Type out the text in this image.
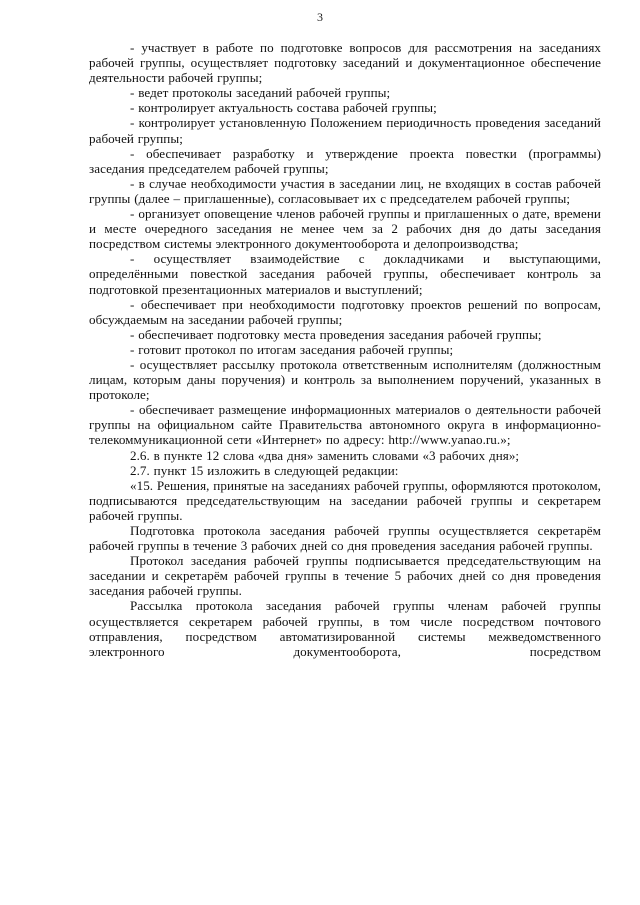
3

- участвует в работе по подготовке вопросов для рассмотрения на заседаниях рабочей группы, осуществляет подготовку заседаний и документационное обеспечение деятельности рабочей группы;

- ведет протоколы заседаний рабочей группы;

- контролирует актуальность состава рабочей группы;

- контролирует установленную Положением периодичность проведения заседаний рабочей группы;

- обеспечивает разработку и утверждение проекта повестки (программы) заседания председателем рабочей группы;

- в случае необходимости участия в заседании лиц, не входящих в состав рабочей группы (далее – приглашенные), согласовывает их с председателем рабочей группы;

- организует оповещение членов рабочей группы и приглашенных о дате, времени и месте очередного заседания не менее чем за 2 рабочих дня до даты заседания посредством системы электронного документооборота и делопроизводства;

- осуществляет взаимодействие с докладчиками и выступающими, определёнными повесткой заседания рабочей группы, обеспечивает контроль за подготовкой презентационных материалов и выступлений;

- обеспечивает при необходимости подготовку проектов решений по вопросам, обсуждаемым на заседании рабочей группы;

- обеспечивает подготовку места проведения заседания рабочей группы;

- готовит протокол по итогам заседания рабочей группы;

- осуществляет рассылку протокола ответственным исполнителям (должностным лицам, которым даны поручения) и контроль за выполнением поручений, указанных в протоколе;

- обеспечивает размещение информационных материалов о деятельности рабочей группы на официальном сайте Правительства автономного округа в информационно-телекоммуникационной сети «Интернет» по адресу: http://www.yanao.ru.»;

2.6. в пункте 12 слова «два дня» заменить словами «3 рабочих дня»;

2.7. пункт 15 изложить в следующей редакции:

«15. Решения, принятые на заседаниях рабочей группы, оформляются протоколом, подписываются председательствующим на заседании рабочей группы и секретарем рабочей группы.

Подготовка протокола заседания рабочей группы осуществляется секретарём рабочей группы в течение 3 рабочих дней со дня проведения заседания рабочей группы.

Протокол заседания рабочей группы подписывается председательствующим на заседании и секретарём рабочей группы в течение 5 рабочих дней со дня проведения заседания рабочей группы.

Рассылка протокола заседания рабочей группы членам рабочей группы осуществляется секретарем рабочей группы, в том числе посредством почтового отправления, посредством автоматизированной системы межведомственного электронного документооборота, посредством
